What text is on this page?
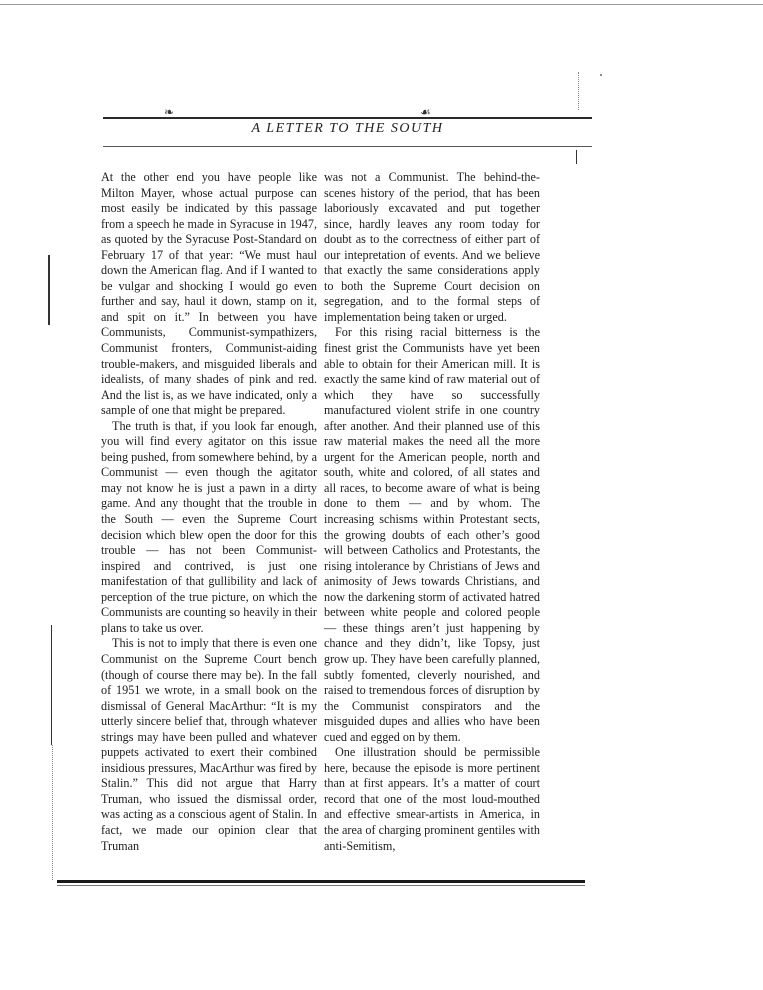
❧	☙
A LETTER TO THE SOUTH

At the other end you have people like Milton Mayer, whose actual purpose can most easily be indicated by this passage from a speech he made in Syracuse in 1947, as quoted by the Syracuse Post-Standard on February 17 of that year: “We must haul down the American flag. And if I wanted to be vulgar and shocking I would go even further and say, haul it down, stamp on it, and spit on it.” In between you have Communists, Communist-sympathizers, Communist fronters, Communist-aiding trouble-makers, and misguided liberals and idealists, of many shades of pink and red. And the list is, as we have indicated, only a sample of one that might be prepared.

The truth is that, if you look far enough, you will find every agitator on this issue being pushed, from somewhere behind, by a Communist — even though the agitator may not know he is just a pawn in a dirty game. And any thought that the trouble in the South — even the Supreme Court decision which blew open the door for this trouble — has not been Communist-inspired and contrived, is just one manifestation of that gullibility and lack of perception of the true picture, on which the Communists are counting so heavily in their plans to take us over.

This is not to imply that there is even one Communist on the Supreme Court bench (though of course there may be). In the fall of 1951 we wrote, in a small book on the dismissal of General MacArthur: “It is my utterly sincere belief that, through whatever strings may have been pulled and whatever puppets activated to exert their combined insidious pressures, MacArthur was fired by Stalin.” This did not argue that Harry Truman, who issued the dismissal order, was acting as a conscious agent of Stalin. In fact, we made our opinion clear that Truman

was not a Communist. The behind-the-scenes history of the period, that has been laboriously excavated and put together since, hardly leaves any room today for doubt as to the correctness of either part of our intepretation of events. And we believe that exactly the same considerations apply to both the Supreme Court decision on segregation, and to the formal steps of implementation being taken or urged.

For this rising racial bitterness is the finest grist the Communists have yet been able to obtain for their American mill. It is exactly the same kind of raw material out of which they have so successfully manufactured violent strife in one country after another. And their planned use of this raw material makes the need all the more urgent for the American people, north and south, white and colored, of all states and all races, to become aware of what is being done to them — and by whom. The increasing schisms within Protestant sects, the growing doubts of each other’s good will between Catholics and Protestants, the rising intolerance by Christians of Jews and animosity of Jews towards Christians, and now the darkening storm of activated hatred between white people and colored people — these things aren’t just happening by chance and they didn’t, like Topsy, just grow up. They have been carefully planned, subtly fomented, cleverly nourished, and raised to tremendous forces of disruption by the Communist conspirators and the misguided dupes and allies who have been cued and egged on by them.

One illustration should be permissible here, because the episode is more pertinent than at first appears. It’s a matter of court record that one of the most loud-mouthed and effective smear-artists in America, in the area of charging prominent gentiles with anti-Semitism,
